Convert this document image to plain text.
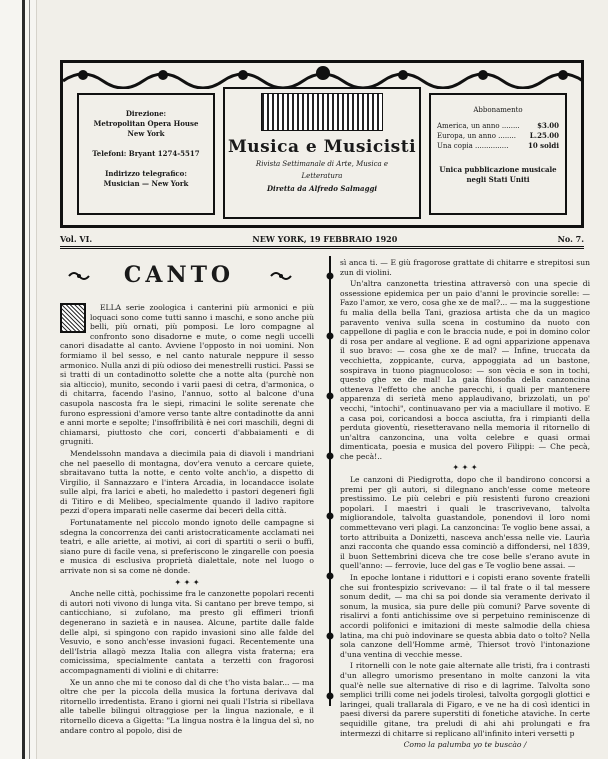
Direzione:
Metropolitan Opera House
New York
Telefoni: Bryant 1274-5517
Indirizzo telegrafico:
Musician — New York
Musica e Musicisti
Rivista Settimanale di Arte, Musica e
Letteratura
Diretta da Alfredo Salmaggi
Abbonamento
America, un anno ........ $3.00
Europa, un anno ........ L.25.00
Una copia ...............	10 soldi
Unica pubblicazione musicale
negli Stati Uniti
Vol. VI.	NEW YORK, 19 FEBBRAIO 1920	No. 7.
CANTO

ELLA serie zoologica i canterini più armonici e più loquaci sono come tutti sanno i maschi, e sono anche più belli, più ornati, più pomposi. Le loro compagne al confronto sono disadorne e mute, o come negli uccelli canori disadatte al canto. Avviene l'opposto in noi uomini. Non formiamo il bel sesso, e nel canto naturale neppure il sesso armonico. Nulla anzi di più odioso dei menestrelli rustici. Passi se si tratti di un contadinotto solette che a notte alta (purchè non sia alticcio), munito, secondo i varii paesi di cetra, d'armonica, o di chitarra, facendo l'asino, l'annuo, sotto al balcone d'una casupola nascosta fra le siepi, rimacini le solite serenate che furono espressioni d'amore verso tante altre contadinotte da anni e anni morte e sepolte; l'insoffribilità è nei cori maschili, degni di chiamarsi, piuttosto che cori, concerti d'abbaiamenti e di grugniti.

Mendelssohn mandava a diecimila paia di diavoli i mandriani che nel paesello di montagna, dov'era venuto a cercare quiete, sbraitavano tutta la notte, e cento volte anch'io, a dispetto di Virgilio, il Sannazzaro e l'intera Arcadia, in locandacce isolate sulle alpi, fra larici e abeti, ho maledetto i pastori degeneri figli di Titiro e di Melibeo, specialmente quando il ladivo rapitore pezzi d'opera imparati nelle caserme dai beceri della città.

Fortunatamente nel piccolo mondo ignoto delle campagne si sdegna la concorrenza dei canti aristocraticamente acclamati nei teatri, e alle ariette, ai motivi, ai cori di spartiti o serii o buffi, siano pure di facile vena, si preferiscono le zingarelle con poesia e musica di esclusiva proprietà dialettale, note nel luogo o arrivate non si sa come nè donde.

✦ ✦ ✦

Anche nelle città, pochissime fra le canzonette popolari recenti di autori noti vivono di lunga vita. Si cantano per breve tempo, si canticchiano, si zufolano, ma presto gli effimeri trionfi degenerano in sazietà e in nausea. Alcune, partite dalle falde delle alpi, si spingono con rapido invasioni sino alle falde del Vesuvio, e sono anch'esse invasioni fugaci. Recentemente una dell'Istria allagò mezza Italia con allegra vista fraterna; era comicissima, specialmente cantata a terzetti con fragorosi accompagnamenti di violini e di chitarre:

Xe un anno che mi te conoso dal di che t'ho vista balar... — ma oltre che per la piccola della musica la fortuna derivava dal ritornello irredentista. Erano i giorni nei quali l'Istria si ribellava alle tabelle bilingui oltraggiose per la lingua nazionale, e il ritornello diceva a Gigetta: "La lingua nostra è la lingua del sì, no andare contro al popolo, disi de

sì anca ti. — E giù fragorose grattate di chitarre e strepitosi sun zun di violini.

Un'altra canzonetta triestina attraversò con una specie di ossessione epidemica per un paio d'anni le provincie sorelle: — Fazo l'amor, xe vero, cosa ghe xe de mal?... — ma la suggestione fu malia della bella Tani, graziosa artista che da un magico paravento veniva sulla scena in costumino da nuoto con cappellone di paglia e con le braccia nude, e poi in domino color di rosa per andare al veglione. E ad ogni apparizione appenava il suo bravo: — cosa ghe xe de mal? — Infine, truccata da vecchietta, zoppicante, curva, appoggiata ad un bastone, sospirava in tuono piagnucoloso: — son vècia e son in tochi, questo ghe xe de mal! La gaia filosofia della canzoncina otteneva l'effetto che anche parecchi, i quali per mantenere apparenza di serietà meno applaudivano, brizzolati, un po' vecchi, "intochi", continuavano per via a maciullare il motivo. E a casa poi, coricandosi a bocca asciutta, fra i rimpianti della perduta gioventù, riesetteravano nella memoria il ritornello di un'altra canzoncina, una volta celebre e quasi ormai dimenticata, poesia e musica del povero Filippi: — Che pecà, che pecà!..

✦ ✦ ✦

Le canzoni di Piedigrotta, dopo che il bandirono concorsi a premi per gli autori, si dilegnano anch'esse come meteore prestissimo. Le più celebri e più resistenti furono creazioni popolari. I maestri i quali le trascrivevano, talvolta migliorandole, talvolta guastandole, ponendovi il loro nomi commettevano veri plagi. La canzoncina: Te voglio bene assai, a torto attribuita a Donizetti, nasceva anch'essa nelle vie. Laurìa anzi racconta che quando essa cominciò a diffondersi, nel 1839, il buon Settembrini diceva che tre cose belle s'erano avute in quell'anno: — ferrovie, luce del gas e Te voglio bene assai. —

In epoche lontane i riduttori e i copisti erano sovente fratelli che sui frontespizio scrivevano: — il tal frate o il tal messere sonum dedit, — ma chi sa poi donde sia veramente derivato il sonum, la musica, sia pure delle più comuni? Parve sovente di risalirvi a fonti antichissime ove si perpetuino reminiscenze di accordi polifonici e imitazioni di meste salmodie della chiesa latina, ma chi può indovinare se questa abbia dato o tolto? Nella sola canzone dell'Homme armè, Thiersot trovò l'intonazione d'una ventina di vecchie messe.

I ritornelli con le note gaie alternate alle tristi, fra i contrasti d'un allegro umorismo presentano in molte canzoni la vita qual'è nelle sue alternative di riso e di lagrime. Talvolta sono semplici trilli come nei jodels tirolesi, talvolta gorgogli glottici e laringei, quali trallarala di Figaro, e ve ne ha di così identici in paesi diversi da parere superstiti di fonetiche ataviche. In certe sequidille gitane, tra preludi di ahi ahi prolungati e fra intermezzi di chitarre si replicano all'infinito interi versetti p

Como la palumba yo te buscào /
